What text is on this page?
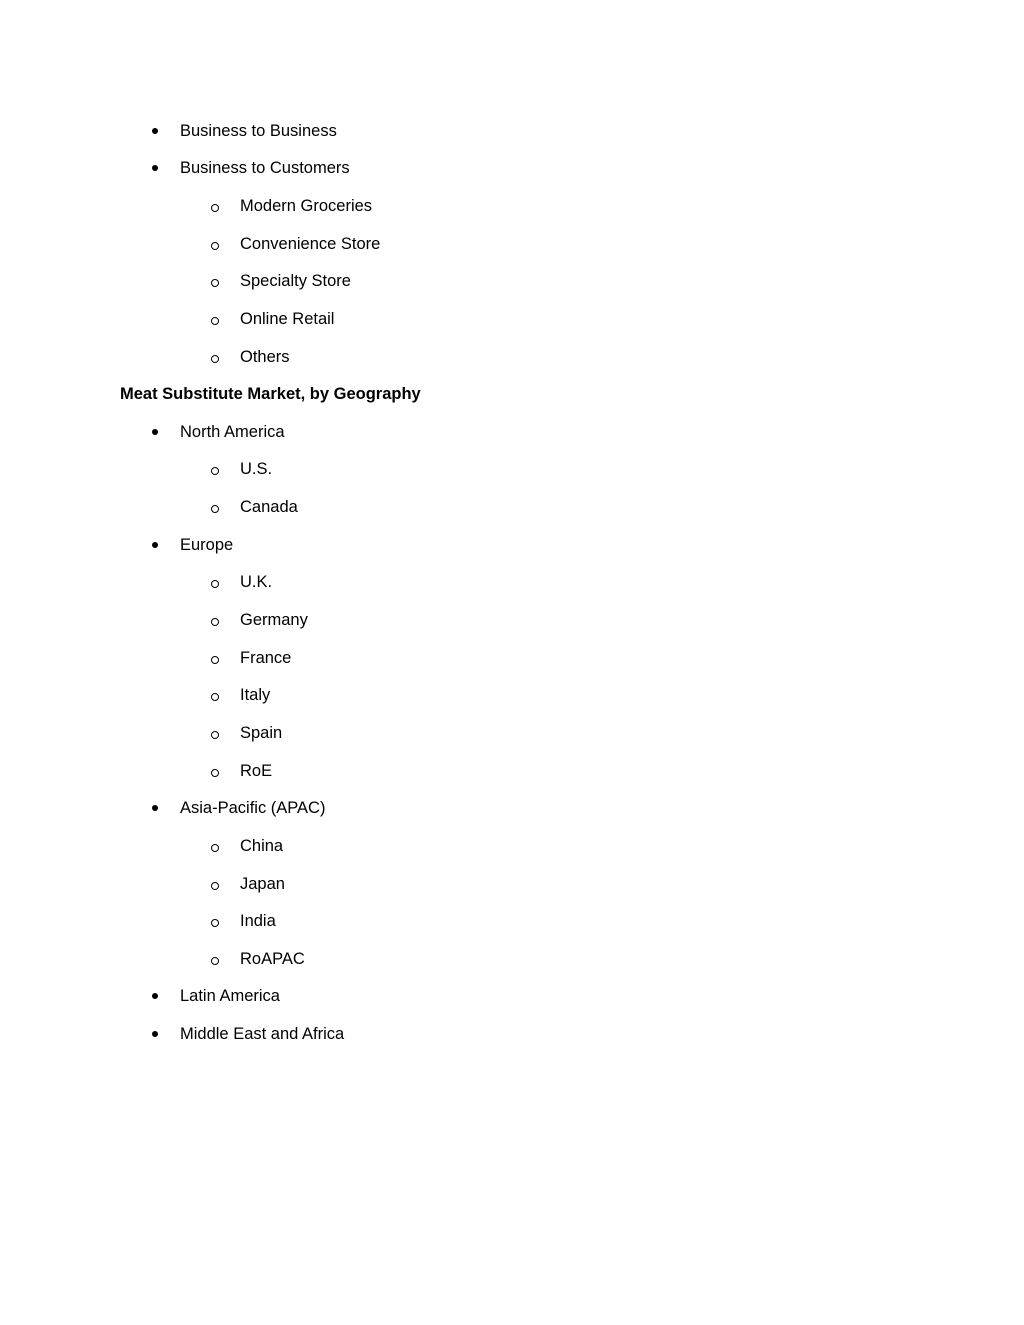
Business to Business
Business to Customers
Modern Groceries
Convenience Store
Specialty Store
Online Retail
Others
Meat Substitute Market, by Geography
North America
U.S.
Canada
Europe
U.K.
Germany
France
Italy
Spain
RoE
Asia-Pacific (APAC)
China
Japan
India
RoAPAC
Latin America
Middle East and Africa
